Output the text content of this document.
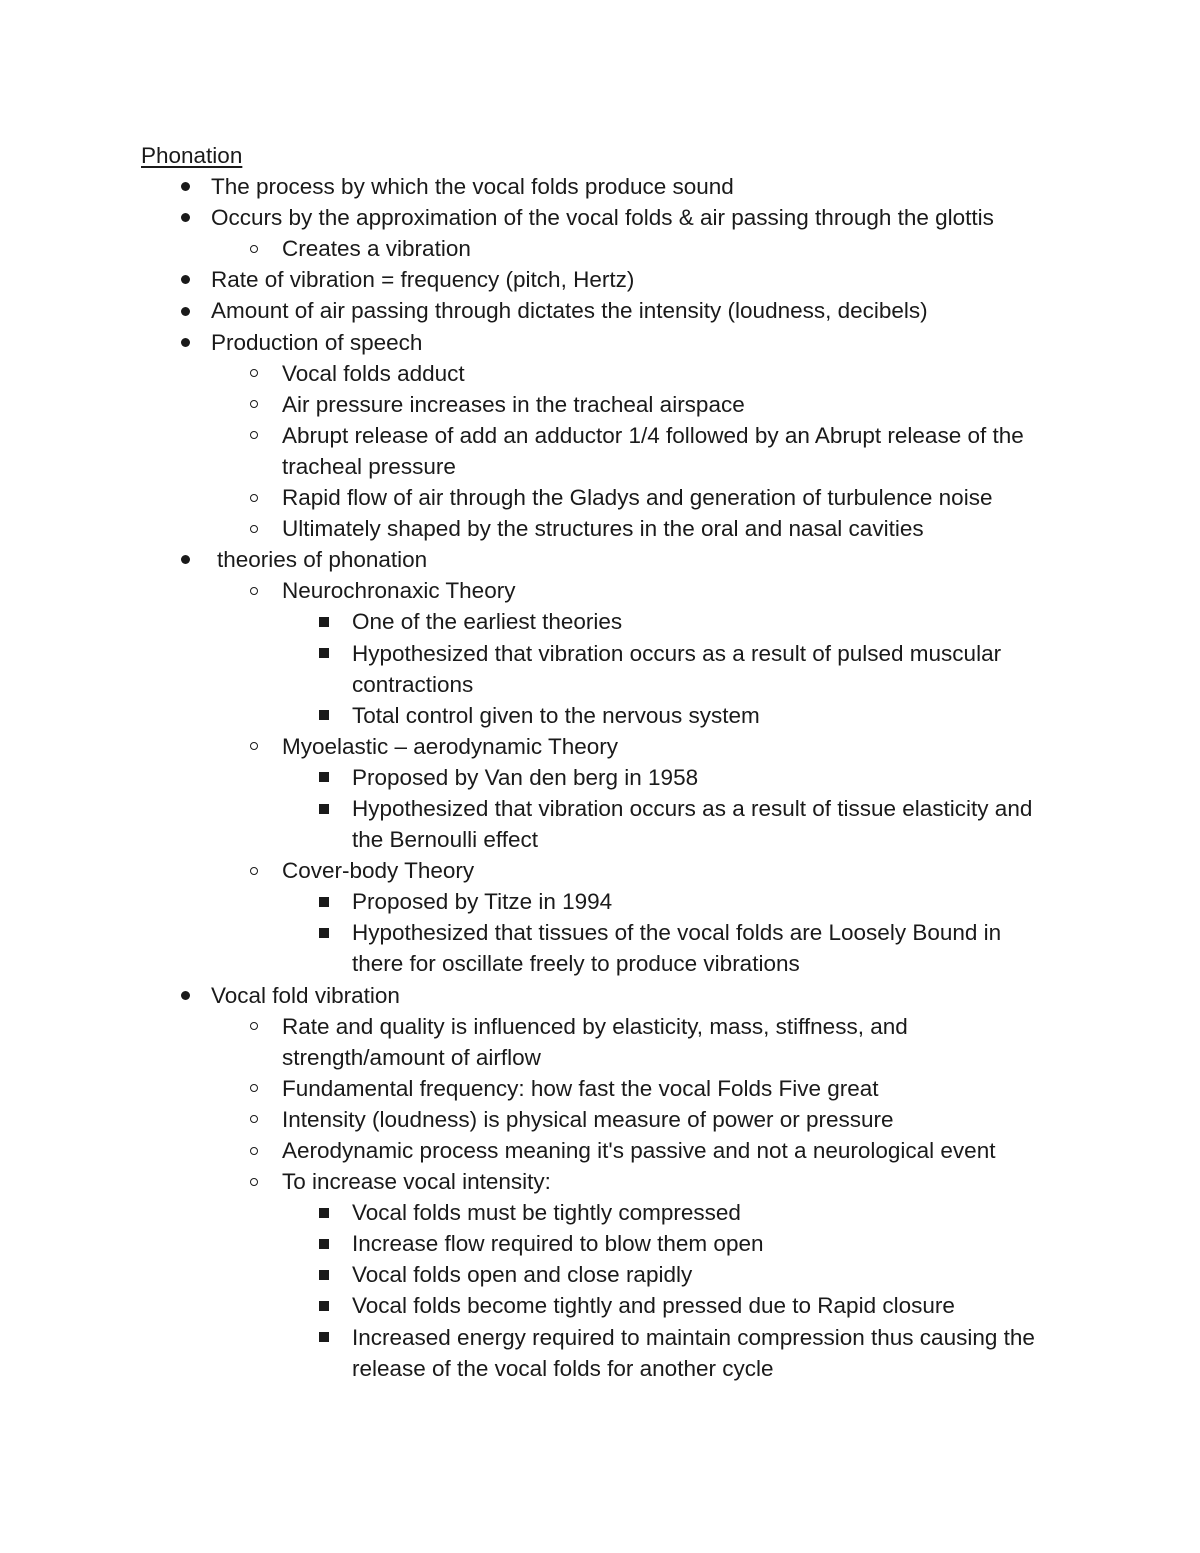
Phonation
The process by which the vocal folds produce sound
Occurs by the approximation of the vocal folds & air passing through the glottis
Creates a vibration
Rate of vibration = frequency (pitch, Hertz)
Amount of air passing through dictates the intensity (loudness, decibels)
Production of speech
Vocal folds adduct
Air pressure increases in the tracheal airspace
Abrupt release of add an adductor 1/4 followed by an Abrupt release of the tracheal pressure
Rapid flow of air through the Gladys and generation of turbulence noise
Ultimately shaped by the structures in the oral and nasal cavities
theories of phonation
Neurochronaxic Theory
One of the earliest theories
Hypothesized that vibration occurs as a result of pulsed muscular contractions
Total control given to the nervous system
Myoelastic – aerodynamic Theory
Proposed by Van den berg in 1958
Hypothesized that vibration occurs as a result of tissue elasticity and the Bernoulli effect
Cover-body Theory
Proposed by Titze in 1994
Hypothesized that tissues of the vocal folds are Loosely Bound in there for oscillate freely to produce vibrations
Vocal fold vibration
Rate and quality is influenced by elasticity, mass, stiffness, and strength/amount of airflow
Fundamental frequency: how fast the vocal Folds Five great
Intensity (loudness) is physical measure of power or pressure
Aerodynamic process meaning it's passive and not a neurological event
To increase vocal intensity:
Vocal folds must be tightly compressed
Increase flow required to blow them open
Vocal folds open and close rapidly
Vocal folds become tightly and pressed due to Rapid closure
Increased energy required to maintain compression thus causing the release of the vocal folds for another cycle
